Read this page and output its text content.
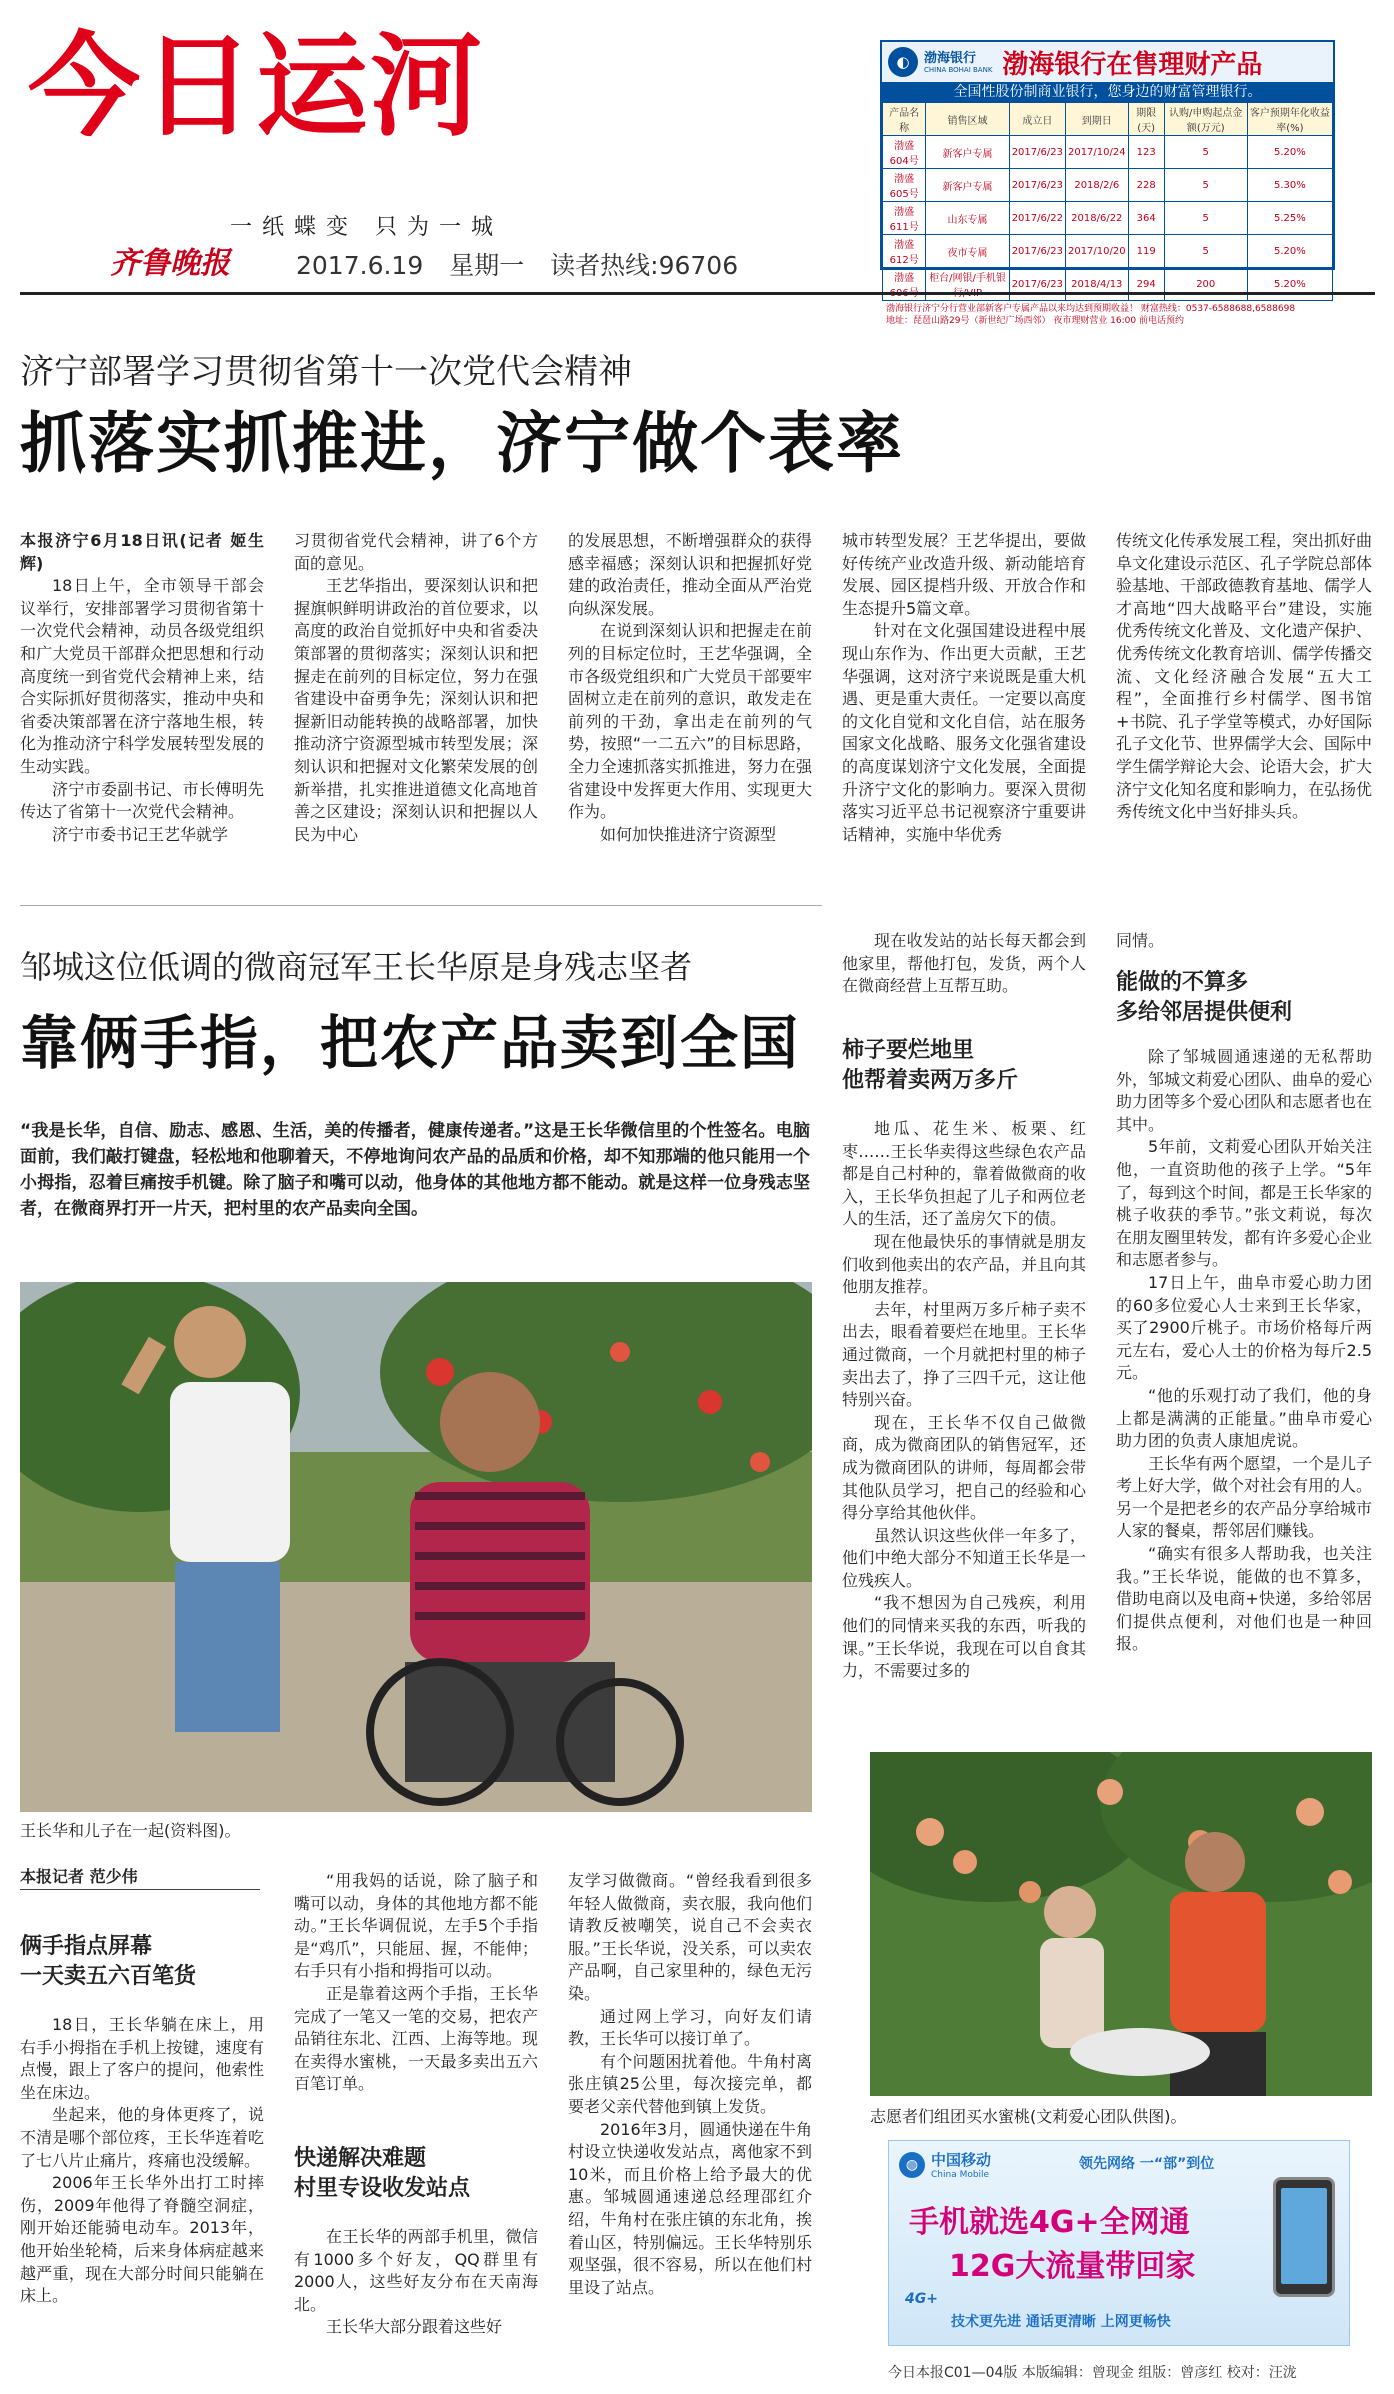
今日运河
一纸蝶变 只为一城
齐鲁晚报	2017.6.19 星期一 读者热线:96706
◐	渤海银行
CHINA BOHAI BANK 渤海银行在售理财产品
全国性股份制商业银行，您身边的财富管理银行。
产品名称	销售区域	成立日	到期日	期限(天)	认购/申购起点金额(万元)	客户预期年化收益率(%)
渤盛604号	新客户专属	2017/6/23	2017/10/24	123	5	5.20%
渤盛605号	新客户专属	2017/6/23	2018/2/6	228	5	5.30%
渤盛611号	山东专属	2017/6/22	2018/6/22	364	5	5.25%
渤盛612号	夜市专属	2017/6/23	2017/10/20	119	5	5.20%
渤盛	柜台/网银/手机银	2017/6/23	2018/4/13	294	200	5.20%
渤海银行济宁分行营业部新客户专属产品以来均达到预期收益！ 财富热线：0537-6588688,6588698
地址：琵琶山路29号（新世纪广场西邻） 夜市理财营业 16:00 前电话预约
济宁部署学习贯彻省第十一次党代会精神
抓落实抓推进，济宁做个表率

本报济宁6月18日讯(记者 姬生辉)

18日上午，全市领导干部会议举行，安排部署学习贯彻省第十一次党代会精神，动员各级党组织和广大党员干部群众把思想和行动高度统一到省党代会精神上来，结合实际抓好贯彻落实，推动中央和省委决策部署在济宁落地生根，转化为推动济宁科学发展转型发展的生动实践。

济宁市委副书记、市长傅明先传达了省第十一次党代会精神。

济宁市委书记王艺华就学

习贯彻省党代会精神，讲了6个方面的意见。

王艺华指出，要深刻认识和把握旗帜鲜明讲政治的首位要求，以高度的政治自觉抓好中央和省委决策部署的贯彻落实；深刻认识和把握走在前列的目标定位，努力在强省建设中奋勇争先；深刻认识和把握新旧动能转换的战略部署，加快推动济宁资源型城市转型发展；深刻认识和把握对文化繁荣发展的创新举措，扎实推进道德文化高地首善之区建设；深刻认识和把握以人民为中心

的发展思想，不断增强群众的获得感幸福感；深刻认识和把握抓好党建的政治责任，推动全面从严治党向纵深发展。

在说到深刻认识和把握走在前列的目标定位时，王艺华强调，全市各级党组织和广大党员干部要牢固树立走在前列的意识，敢发走在前列的干劲，拿出走在前列的气势，按照“一二五六”的目标思路，全力全速抓落实抓推进，努力在强省建设中发挥更大作用、实现更大作为。

如何加快推进济宁资源型

城市转型发展？王艺华提出，要做好传统产业改造升级、新动能培育发展、园区提档升级、开放合作和生态提升5篇文章。

针对在文化强国建设进程中展现山东作为、作出更大贡献，王艺华强调，这对济宁来说既是重大机遇、更是重大责任。一定要以高度的文化自觉和文化自信，站在服务国家文化战略、服务文化强省建设的高度谋划济宁文化发展，全面提升济宁文化的影响力。要深入贯彻落实习近平总书记视察济宁重要讲话精神，实施中华优秀

传统文化传承发展工程，突出抓好曲阜文化建设示范区、孔子学院总部体验基地、干部政德教育基地、儒学人才高地“四大战略平台”建设，实施优秀传统文化普及、文化遗产保护、优秀传统文化教育培训、儒学传播交流、文化经济融合发展“五大工程”，全面推行乡村儒学、图书馆+书院、孔子学堂等模式，办好国际孔子文化节、世界儒学大会、国际中学生儒学辩论大会、论语大会，扩大济宁文化知名度和影响力，在弘扬优秀传统文化中当好排头兵。

邹城这位低调的微商冠军王长华原是身残志坚者
靠俩手指，把农产品卖到全国
“我是长华，自信、励志、感恩、生活，美的传播者，健康传递者。”这是王长华微信里的个性签名。电脑面前，我们敲打键盘，轻松地和他聊着天，不停地询问农产品的品质和价格，却不知那端的他只能用一个小拇指，忍着巨痛按手机键。除了脑子和嘴可以动，他身体的其他地方都不能动。就是这样一位身残志坚者，在微商界打开一片天，把村里的农产品卖向全国。
王长华和儿子在一起(资料图)。
本报记者 范少伟
俩手指点屏幕
一天卖五六百笔货

18日，王长华躺在床上，用右手小拇指在手机上按键，速度有点慢，跟上了客户的提问，他索性坐在床边。

坐起来，他的身体更疼了，说不清是哪个部位疼，王长华连着吃了七八片止痛片，疼痛也没缓解。

2006年王长华外出打工时摔伤，2009年他得了脊髓空洞症，刚开始还能骑电动车。2013年，他开始坐轮椅，后来身体病症越来越严重，现在大部分时间只能躺在床上。

“用我妈的话说，除了脑子和嘴可以动，身体的其他地方都不能动。”王长华调侃说，左手5个手指是“鸡爪”，只能屈、握，不能伸；右手只有小指和拇指可以动。

正是靠着这两个手指，王长华完成了一笔又一笔的交易，把农产品销往东北、江西、上海等地。现在卖得水蜜桃，一天最多卖出五六百笔订单。

快递解决难题
村里专设收发站点

在王长华的两部手机里，微信有1000多个好友，QQ群里有2000人，这些好友分布在天南海北。

王长华大部分跟着这些好

友学习做微商。“曾经我看到很多年轻人做微商，卖衣服，我向他们请教反被嘲笑，说自己不会卖衣服。”王长华说，没关系，可以卖农产品啊，自己家里种的，绿色无污染。

通过网上学习，向好友们请教，王长华可以接订单了。

有个问题困扰着他。牛角村离张庄镇25公里，每次接完单，都要老父亲代替他到镇上发货。

2016年3月，圆通快递在牛角村设立快递收发站点，离他家不到10米，而且价格上给予最大的优惠。邹城圆通速递总经理邵红介绍，牛角村在张庄镇的东北角，挨着山区，特别偏远。王长华特别乐观坚强，很不容易，所以在他们村里设了站点。

现在收发站的站长每天都会到他家里，帮他打包，发货，两个人在微商经营上互帮互助。

柿子要烂地里
他帮着卖两万多斤

地瓜、花生米、板栗、红枣……王长华卖得这些绿色农产品都是自己村种的，靠着做微商的收入，王长华负担起了儿子和两位老人的生活，还了盖房欠下的债。

现在他最快乐的事情就是朋友们收到他卖出的农产品，并且向其他朋友推荐。

去年，村里两万多斤柿子卖不出去，眼看着要烂在地里。王长华通过微商，一个月就把村里的柿子卖出去了，挣了三四千元，这让他特别兴奋。

现在，王长华不仅自己做微商，成为微商团队的销售冠军，还成为微商团队的讲师，每周都会带其他队员学习，把自己的经验和心得分享给其他伙伴。

虽然认识这些伙伴一年多了，他们中绝大部分不知道王长华是一位残疾人。

“我不想因为自己残疾，利用他们的同情来买我的东西，听我的课。”王长华说，我现在可以自食其力，不需要过多的

同情。

能做的不算多
多给邻居提供便利

除了邹城圆通速递的无私帮助外，邹城文莉爱心团队、曲阜的爱心助力团等多个爱心团队和志愿者也在其中。

5年前，文莉爱心团队开始关注他，一直资助他的孩子上学。“5年了，每到这个时间，都是王长华家的桃子收获的季节。”张文莉说，每次在朋友圈里转发，都有许多爱心企业和志愿者参与。

17日上午，曲阜市爱心助力团的60多位爱心人士来到王长华家，买了2900斤桃子。市场价格每斤两元左右，爱心人士的价格为每斤2.5元。

“他的乐观打动了我们，他的身上都是满满的正能量。”曲阜市爱心助力团的负责人康旭虎说。

王长华有两个愿望，一个是儿子考上好大学，做个对社会有用的人。另一个是把老乡的农产品分享给城市人家的餐桌，帮邻居们赚钱。

“确实有很多人帮助我，也关注我。”王长华说，能做的也不算多，借助电商以及电商+快递，多给邻居们提供点便利，对他们也是一种回报。

志愿者们组团买水蜜桃(文莉爱心团队供图)。
◍ 中国移动
China Mobile
领先网络 一“部”到位
手机就选4G+全网通
12G大流量带回家
4G+
技术更先进 通话更清晰 上网更畅快
今日本报C01—04版 本版编辑：曾现金 组版：曾彦红 校对：汪泷
